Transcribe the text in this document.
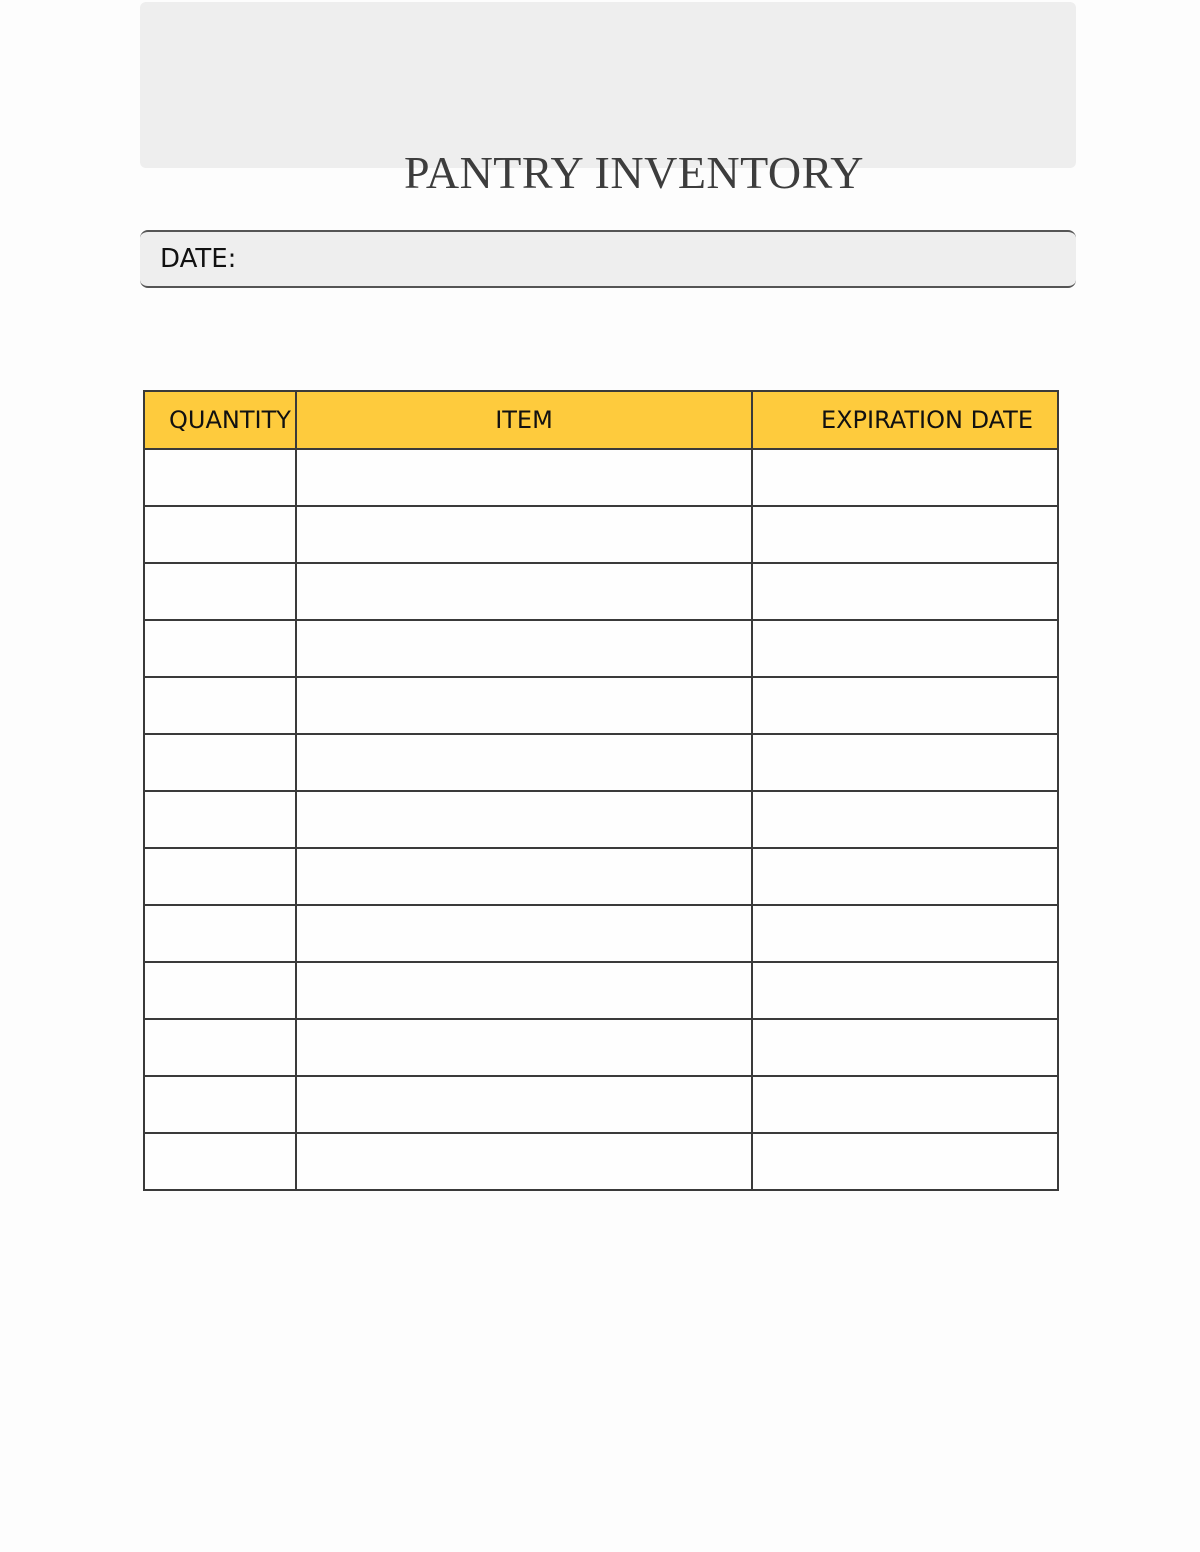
PANTRY INVENTORY
DATE:
QUANTITY	ITEM	EXPIRATION DATE
